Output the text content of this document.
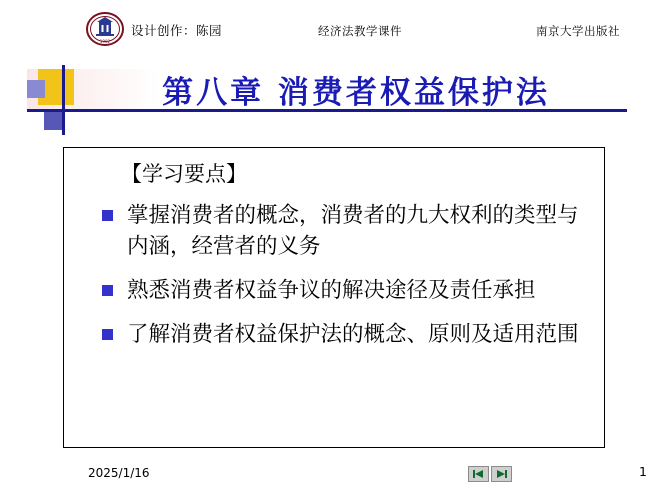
1902
设计创作：陈园	经济法教学课件	南京大学出版社
第八章 消费者权益保护法
【学习要点】
掌握消费者的概念，消费者的九大权利的类型与内涵，经营者的义务
熟悉消费者权益争议的解决途径及责任承担
了解消费者权益保护法的概念、原则及适用范围
2025/1/16	1
